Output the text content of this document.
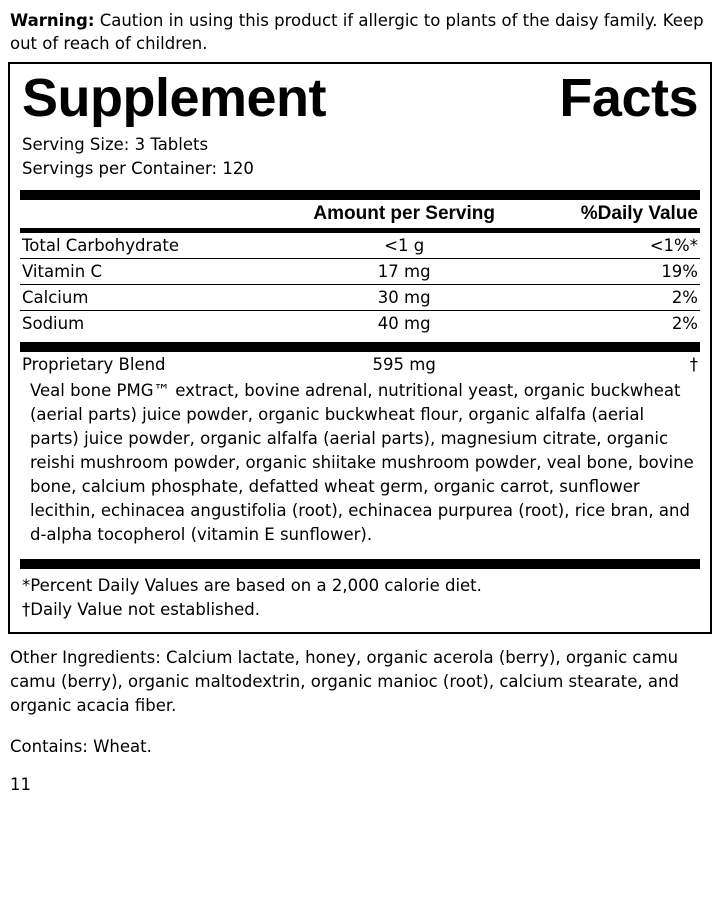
Warning: Caution in using this product if allergic to plants of the daisy family. Keep out of reach of children.
Supplement	Facts
Serving Size: 3 Tablets
Servings per Container: 120
	Amount per Serving	%Daily Value
Total Carbohydrate	<1 g	<1%*
Vitamin C	17 mg	19%
Calcium	30 mg	2%
Sodium	40 mg	2%
Proprietary Blend	595 mg	†
Veal bone PMG™ extract, bovine adrenal, nutritional yeast, organic buckwheat (aerial parts) juice powder, organic buckwheat flour, organic alfalfa (aerial parts) juice powder, organic alfalfa (aerial parts), magnesium citrate, organic reishi mushroom powder, organic shiitake mushroom powder, veal bone, bovine bone, calcium phosphate, defatted wheat germ, organic carrot, sunflower lecithin, echinacea angustifolia (root), echinacea purpurea (root), rice bran, and d-alpha tocopherol (vitamin E sunflower).
*Percent Daily Values are based on a 2,000 calorie diet.
†Daily Value not established.
Other Ingredients: Calcium lactate, honey, organic acerola (berry), organic camu camu (berry), organic maltodextrin, organic manioc (root), calcium stearate, and organic acacia fiber.
Contains: Wheat.
11
